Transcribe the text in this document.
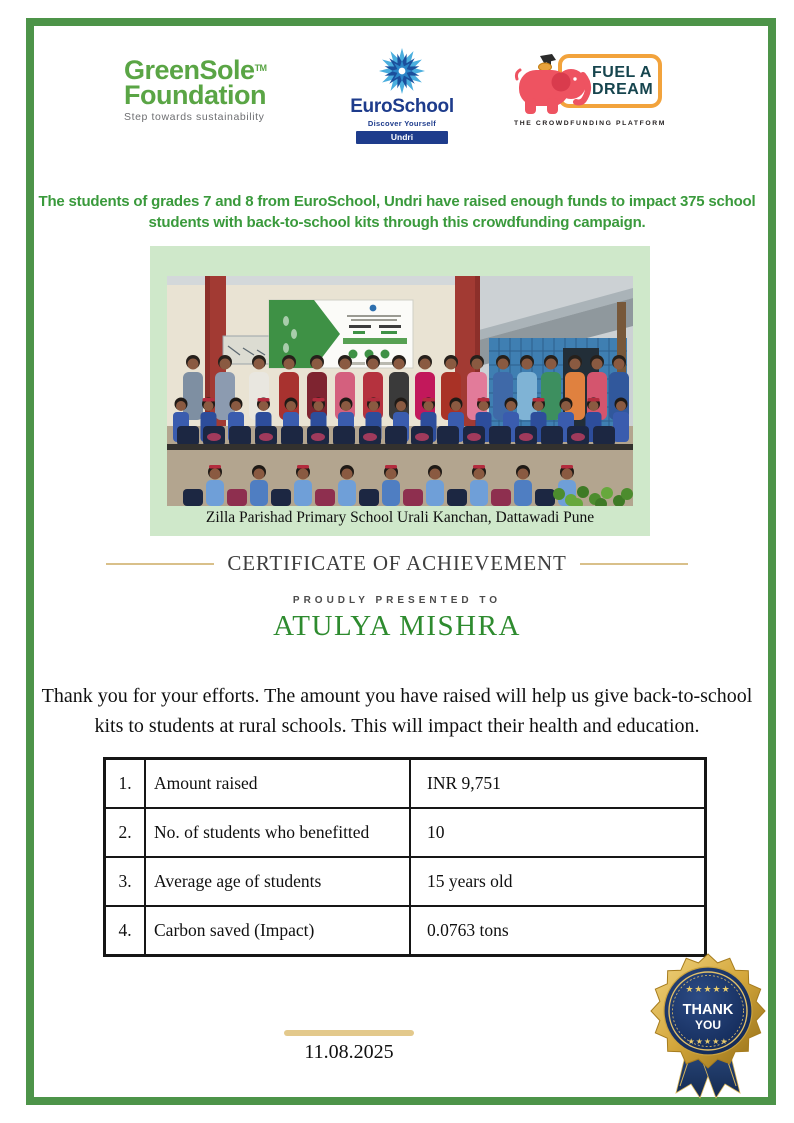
GreenSole™
Foundation
Step towards sustainability	EuroSchool
Discover Yourself
Undri
FUEL A
DREAM
THE CROWDFUNDING PLATFORM

The students of grades 7 and 8 from EuroSchool, Undri have raised enough funds to impact 375 school students with back-to-school kits through this crowdfunding campaign.

Zilla Parishad Primary School Urali Kanchan, Dattawadi Pune
CERTIFICATE OF ACHIEVEMENT
PROUDLY PRESENTED TO
ATULYA MISHRA

Thank you for your efforts. The amount you have raised will help us give back-to-school kits to students at rural schools. This will impact their health and education.

1.	Amount raised	INR 9,751
2.	No. of students who benefitted	10
3.	Average age of students	15 years old
4.	Carbon saved (Impact)	0.0763 tons
11.08.2025
★★★★★
THANK
YOU
★★★★★
